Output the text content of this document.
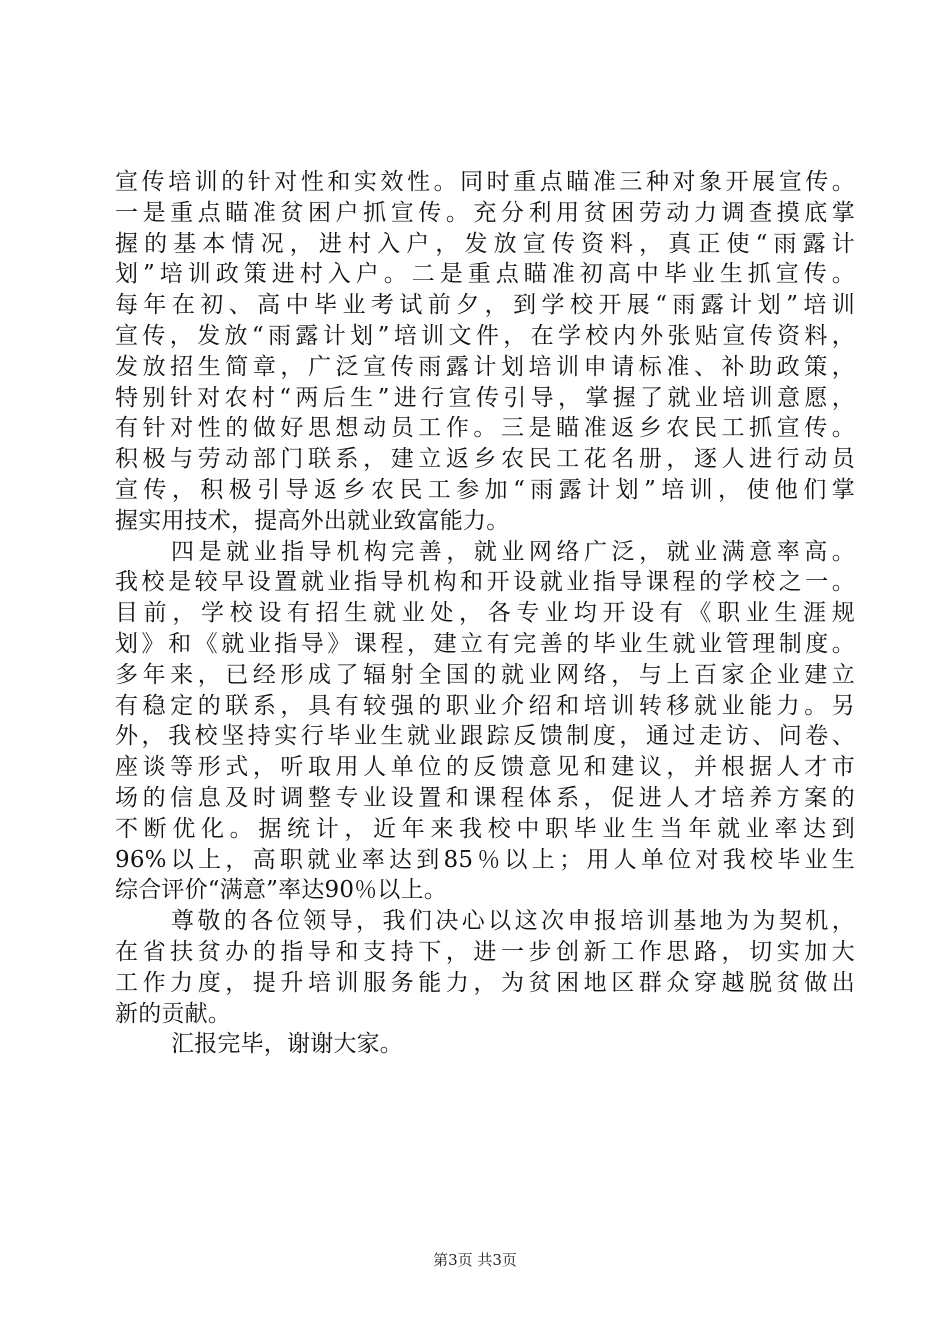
宣传培训的针对性和实效性。同时重点瞄准三种对象开展宣传。
一是重点瞄准贫困户抓宣传。充分利用贫困劳动力调查摸底掌
握的基本情况，进村入户，发放宣传资料，真正使“雨露计
划”培训政策进村入户。二是重点瞄准初高中毕业生抓宣传。
每年在初、高中毕业考试前夕，到学校开展“雨露计划”培训
宣传，发放“雨露计划”培训文件，在学校内外张贴宣传资料，
发放招生简章，广泛宣传雨露计划培训申请标准、补助政策，
特别针对农村“两后生”进行宣传引导，掌握了就业培训意愿，
有针对性的做好思想动员工作。三是瞄准返乡农民工抓宣传。
积极与劳动部门联系，建立返乡农民工花名册，逐人进行动员
宣传，积极引导返乡农民工参加“雨露计划”培训，使他们掌
握实用技术，提高外出就业致富能力。
四是就业指导机构完善，就业网络广泛，就业满意率高。
我校是较早设置就业指导机构和开设就业指导课程的学校之一。
目前，学校设有招生就业处，各专业均开设有《职业生涯规
划》和《就业指导》课程，建立有完善的毕业生就业管理制度。
多年来，已经形成了辐射全国的就业网络，与上百家企业建立
有稳定的联系，具有较强的职业介绍和培训转移就业能力。另
外，我校坚持实行毕业生就业跟踪反馈制度，通过走访、问卷、
座谈等形式，听取用人单位的反馈意见和建议，并根据人才市
场的信息及时调整专业设置和课程体系，促进人才培养方案的
不断优化。据统计，近年来我校中职毕业生当年就业率达到
96%以上，高职就业率达到85％以上；用人单位对我校毕业生
综合评价“满意”率达90％以上。
尊敬的各位领导，我们决心以这次申报培训基地为为契机，
在省扶贫办的指导和支持下，进一步创新工作思路，切实加大
工作力度，提升培训服务能力，为贫困地区群众穿越脱贫做出
新的贡献。
汇报完毕，谢谢大家。
第3页 共3页
